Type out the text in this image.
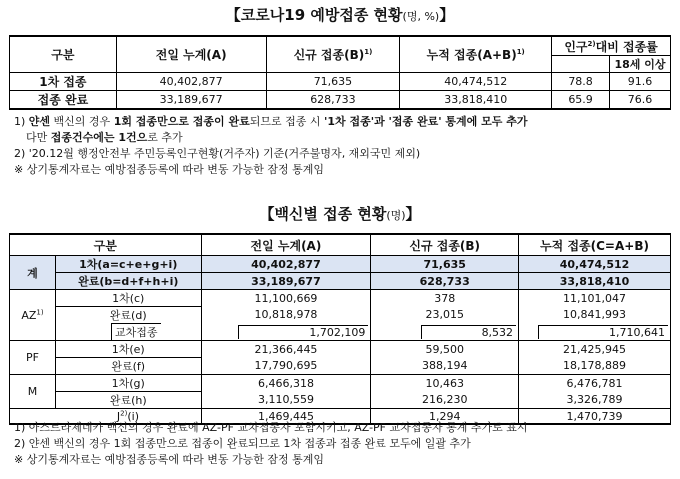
【코로나19 예방접종 현황(명, %)】
구분	전일 누계(A)	신규 접종$(B)^{1)}$	누적 접종$(A+B)^{1)}$	인구$^{2)}$대비 접종률	
					18세 이상
1차 접종	40,402,877	71,635	40,474,512	78.8	91.6
접종 완료	33,189,677	628,733	33,818,410	65.9	76.6
1) 얀센 백신의 경우 1회 접종만으로 접종이 완료되므로 접종 시 '1차 접종'과 '접종 완료' 통계에 모두 추가
다만 접종건수에는 1건으로 추가
2) '20.12월 행정안전부 주민등록인구현황(거주자) 기준(거주불명자, 재외국민 제외)
※ 상기통계자료는 예방접종등록에 따라 변동 가능한 잠정 통계임
【백신별 접종 현황(명)】
구분		전일 누계(A)	신규 접종(B)	누적 접종(C=A+B)
계	1차(a=c+e+g+i)	40,402,877	71,635	40,474,512
	완료(b=d+f+h+i)	33,189,677	628,733	33,818,410
AZ$^{1)}$	1차(c)	11,100,669	378	11,101,047
	완료(d)	10,818,978	23,015	10,841,993
	교차접종	1,702,109	8,532	1,710,641
PF	1차(e)	21,366,445	59,500	21,425,945
	완료(f)	17,790,695	388,194	18,178,889
M	1차(g)	6,466,318	10,463	6,476,781
	완료(h)	3,110,559	216,230	3,326,789
	$J^{2)}(i)$	1,469,445	1,294	1,470,739
1) 아스트라제네카 백신의 경우 완료에 AZ-PF 교차접종자 포함시키고, AZ-PF 교차접종자 통계 추가로 표시
2) 얀센 백신의 경우 1회 접종만으로 접종이 완료되므로 1차 접종과 접종 완료 모두에 일괄 추가
※ 상기통계자료는 예방접종등록에 따라 변동 가능한 잠정 통계임
